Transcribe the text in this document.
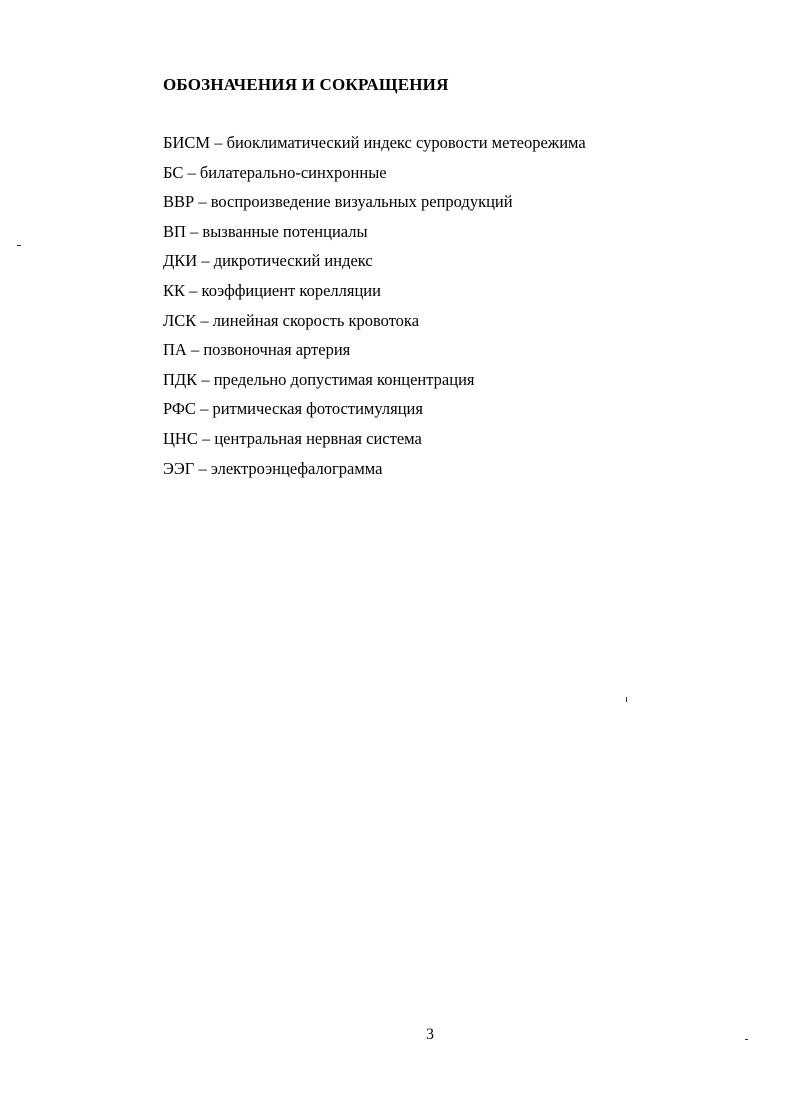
ОБОЗНАЧЕНИЯ И СОКРАЩЕНИЯ
БИСМ – биоклиматический индекс суровости метеорежима
БС – билатерально-синхронные
ВВР – воспроизведение визуальных репродукций
ВП – вызванные потенциалы
ДКИ – дикротический индекс
КК – коэффициент корелляции
ЛСК – линейная скорость кровотока
ПА – позвоночная артерия
ПДК – предельно допустимая концентрация
РФС – ритмическая фотостимуляция
ЦНС – центральная нервная система
ЭЭГ – электроэнцефалограмма
3
